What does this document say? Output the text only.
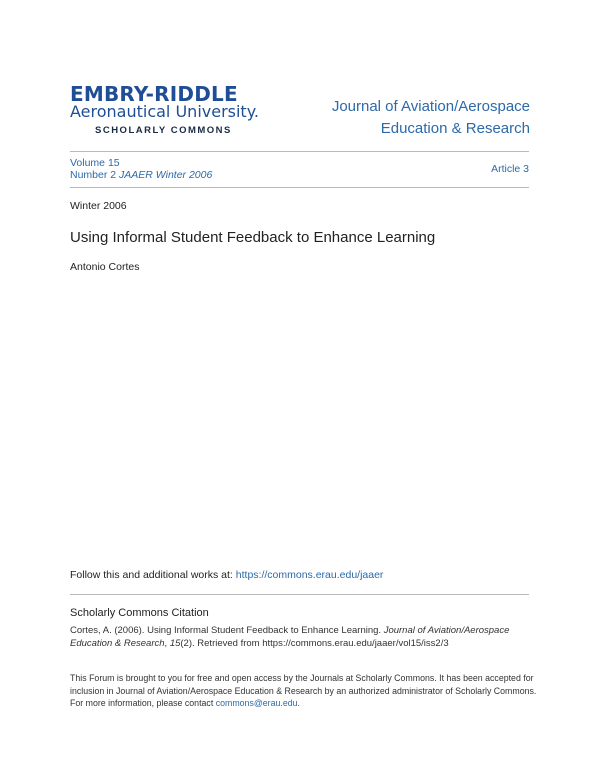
EMBRY-RIDDLE
Aeronautical University.
SCHOLARLY COMMONS
Journal of Aviation/Aerospace
Education & Research
Volume 15
Number 2 JAAER Winter 2006	Article 3
Winter 2006
Using Informal Student Feedback to Enhance Learning
Antonio Cortes
Follow this and additional works at: https://commons.erau.edu/jaaer
Scholarly Commons Citation
Cortes, A. (2006). Using Informal Student Feedback to Enhance Learning. Journal of Aviation/Aerospace Education & Research, 15(2). Retrieved from https://commons.erau.edu/jaaer/vol15/iss2/3
This Forum is brought to you for free and open access by the Journals at Scholarly Commons. It has been accepted for inclusion in Journal of Aviation/Aerospace Education & Research by an authorized administrator of Scholarly Commons. For more information, please contact commons@erau.edu.
